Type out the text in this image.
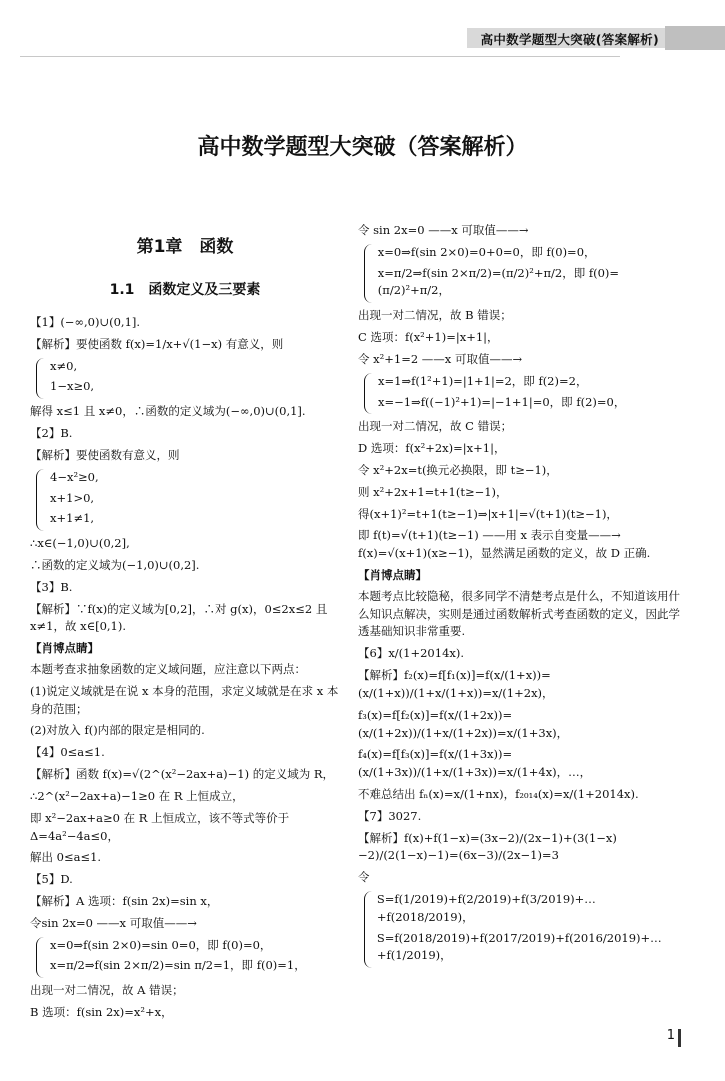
高中数学题型大突破(答案解析)
高中数学题型大突破（答案解析）
第1章　函数
1.1　函数定义及三要素
【1】(−∞,0)∪(0,1].
【解析】要使函数 f(x)=1/x+√(1−x) 有意义，则
x≠0,
1−x≥0,
解得 x≤1 且 x≠0，∴函数的定义域为(−∞,0)∪(0,1].
【2】B.
【解析】要使函数有意义，则
4−x²≥0,
x+1>0,
x+1≠1,
∴x∈(−1,0)∪(0,2],
∴函数的定义域为(−1,0)∪(0,2].
【3】B.
【解析】∵f(x)的定义域为[0,2]，∴对 g(x)，0≤2x≤2 且 x≠1，故 x∈[0,1).
【肖博点睛】
本题考查求抽象函数的定义域问题，应注意以下两点：
(1)说定义域就是在说 x 本身的范围，求定义域就是在求 x 本身的范围；
(2)对放入 f()内部的限定是相同的.
【4】0≤a≤1.
【解析】函数 f(x)=√(2^(x²−2ax+a)−1) 的定义域为 R，
∴2^(x²−2ax+a)−1≥0 在 R 上恒成立，
即 x²−2ax+a≥0 在 R 上恒成立，该不等式等价于 Δ=4a²−4a≤0，
解出 0≤a≤1.
【5】D.
【解析】A 选项：f(sin 2x)=sin x，
令sin 2x=0 ——x 可取值——→
x=0⇒f(sin 2×0)=sin 0=0，即 f(0)=0，
x=π/2⇒f(sin 2×π/2)=sin π/2=1，即 f(0)=1，
出现一对二情况，故 A 错误；
B 选项：f(sin 2x)=x²+x，
令 sin 2x=0 ——x 可取值——→
x=0⇒f(sin 2×0)=0+0=0，即 f(0)=0，
x=π/2⇒f(sin 2×π/2)=(π/2)²+π/2，即 f(0)=(π/2)²+π/2，
出现一对二情况，故 B 错误；
C 选项：f(x²+1)=|x+1|，
令 x²+1=2 ——x 可取值——→
x=1⇒f(1²+1)=|1+1|=2，即 f(2)=2，
x=−1⇒f((−1)²+1)=|−1+1|=0，即 f(2)=0，
出现一对二情况，故 C 错误；
D 选项：f(x²+2x)=|x+1|，
令 x²+2x=t(换元必换限，即 t≥−1)，
则 x²+2x+1=t+1(t≥−1)，
得(x+1)²=t+1(t≥−1)⇒|x+1|=√(t+1)(t≥−1)，
即 f(t)=√(t+1)(t≥−1) ——用 x 表示自变量——→ f(x)=√(x+1)(x≥−1)，显然满足函数的定义，故 D 正确.
【肖博点睛】
本题考点比较隐秘，很多同学不清楚考点是什么，不知道该用什么知识点解决，实则是通过函数解析式考查函数的定义，因此学透基础知识非常重要.
【6】x/(1+2014x).
【解析】f₂(x)=f[f₁(x)]=f(x/(1+x))=(x/(1+x))/(1+x/(1+x))=x/(1+2x)，
f₃(x)=f[f₂(x)]=f(x/(1+2x))=(x/(1+2x))/(1+x/(1+2x))=x/(1+3x)，
f₄(x)=f[f₃(x)]=f(x/(1+3x))=(x/(1+3x))/(1+x/(1+3x))=x/(1+4x)，…，
不难总结出 fₙ(x)=x/(1+nx)，f₂₀₁₄(x)=x/(1+2014x).
【7】3027.
【解析】f(x)+f(1−x)=(3x−2)/(2x−1)+(3(1−x)−2)/(2(1−x)−1)=(6x−3)/(2x−1)=3
令
S=f(1/2019)+f(2/2019)+f(3/2019)+…+f(2018/2019)，
S=f(2018/2019)+f(2017/2019)+f(2016/2019)+…+f(1/2019)，
1
